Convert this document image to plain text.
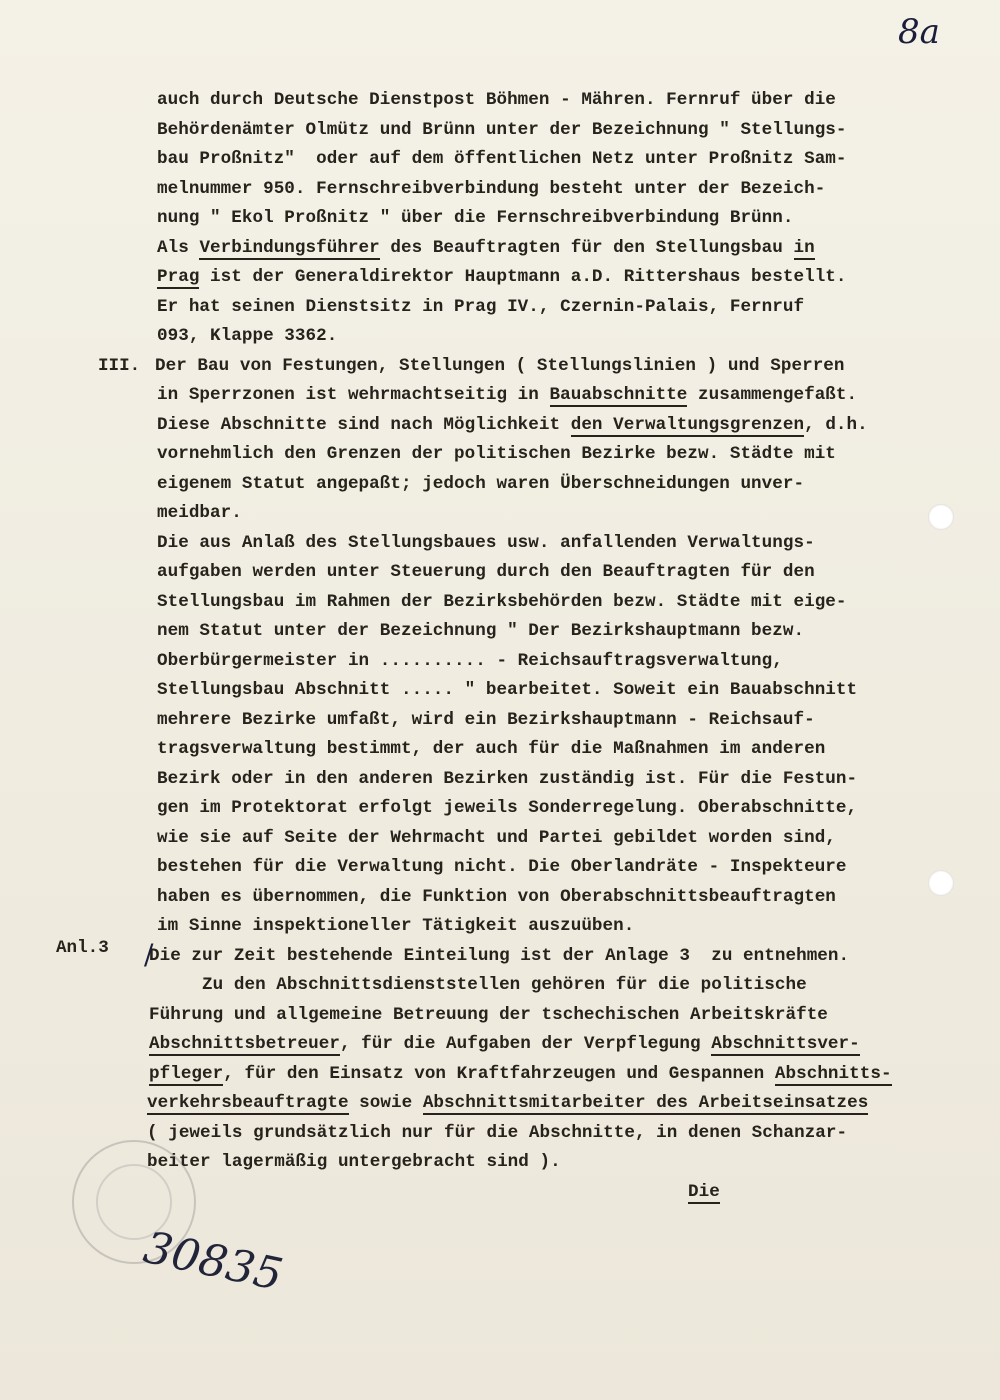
8a
auch durch Deutsche Dienstpost Böhmen - Mähren. Fernruf über die
Behördenämter Olmütz und Brünn unter der Bezeichnung " Stellungs-
bau Proßnitz"  oder auf dem öffentlichen Netz unter Proßnitz Sam-
melnummer 950. Fernschreibverbindung besteht unter der Bezeich-
nung " Ekol Proßnitz " über die Fernschreibverbindung Brünn.
Als Verbindungsführer des Beauftragten für den Stellungsbau in
Prag ist der Generaldirektor Hauptmann a.D. Rittershaus bestellt.
Er hat seinen Dienstsitz in Prag IV., Czernin-Palais, Fernruf
093, Klappe 3362.
Der Bau von Festungen, Stellungen ( Stellungslinien ) und Sperren
in Sperrzonen ist wehrmachtseitig in Bauabschnitte zusammengefaßt.
Diese Abschnitte sind nach Möglichkeit den Verwaltungsgrenzen, d.h.
vornehmlich den Grenzen der politischen Bezirke bezw. Städte mit
eigenem Statut angepaßt; jedoch waren Überschneidungen unver-
meidbar.
Die aus Anlaß des Stellungsbaues usw. anfallenden Verwaltungs-
aufgaben werden unter Steuerung durch den Beauftragten für den
Stellungsbau im Rahmen der Bezirksbehörden bezw. Städte mit eige-
nem Statut unter der Bezeichnung " Der Bezirkshauptmann bezw.
Oberbürgermeister in .......... - Reichsauftragsverwaltung,
Stellungsbau Abschnitt ..... " bearbeitet. Soweit ein Bauabschnitt
mehrere Bezirke umfaßt, wird ein Bezirkshauptmann - Reichsauf-
tragsverwaltung bestimmt, der auch für die Maßnahmen im anderen
Bezirk oder in den anderen Bezirken zuständig ist. Für die Festun-
gen im Protektorat erfolgt jeweils Sonderregelung. Oberabschnitte,
wie sie auf Seite der Wehrmacht und Partei gebildet worden sind,
bestehen für die Verwaltung nicht. Die Oberlandräte - Inspekteure
haben es übernommen, die Funktion von Oberabschnittsbeauftragten
im Sinne inspektioneller Tätigkeit auszuüben.
Die zur Zeit bestehende Einteilung ist der Anlage 3  zu entnehmen.
Zu den Abschnittsdienststellen gehören für die politische
Führung und allgemeine Betreuung der tschechischen Arbeitskräfte
Abschnittsbetreuer, für die Aufgaben der Verpflegung Abschnittsver-
pfleger, für den Einsatz von Kraftfahrzeugen und Gespannen Abschnitts-
verkehrsbeauftragte sowie Abschnittsmitarbeiter des Arbeitseinsatzes
( jeweils grundsätzlich nur für die Abschnitte, in denen Schanzar-
beiter lagermäßig untergebracht sind ).
Die
III.
Anl.3 /
30835
